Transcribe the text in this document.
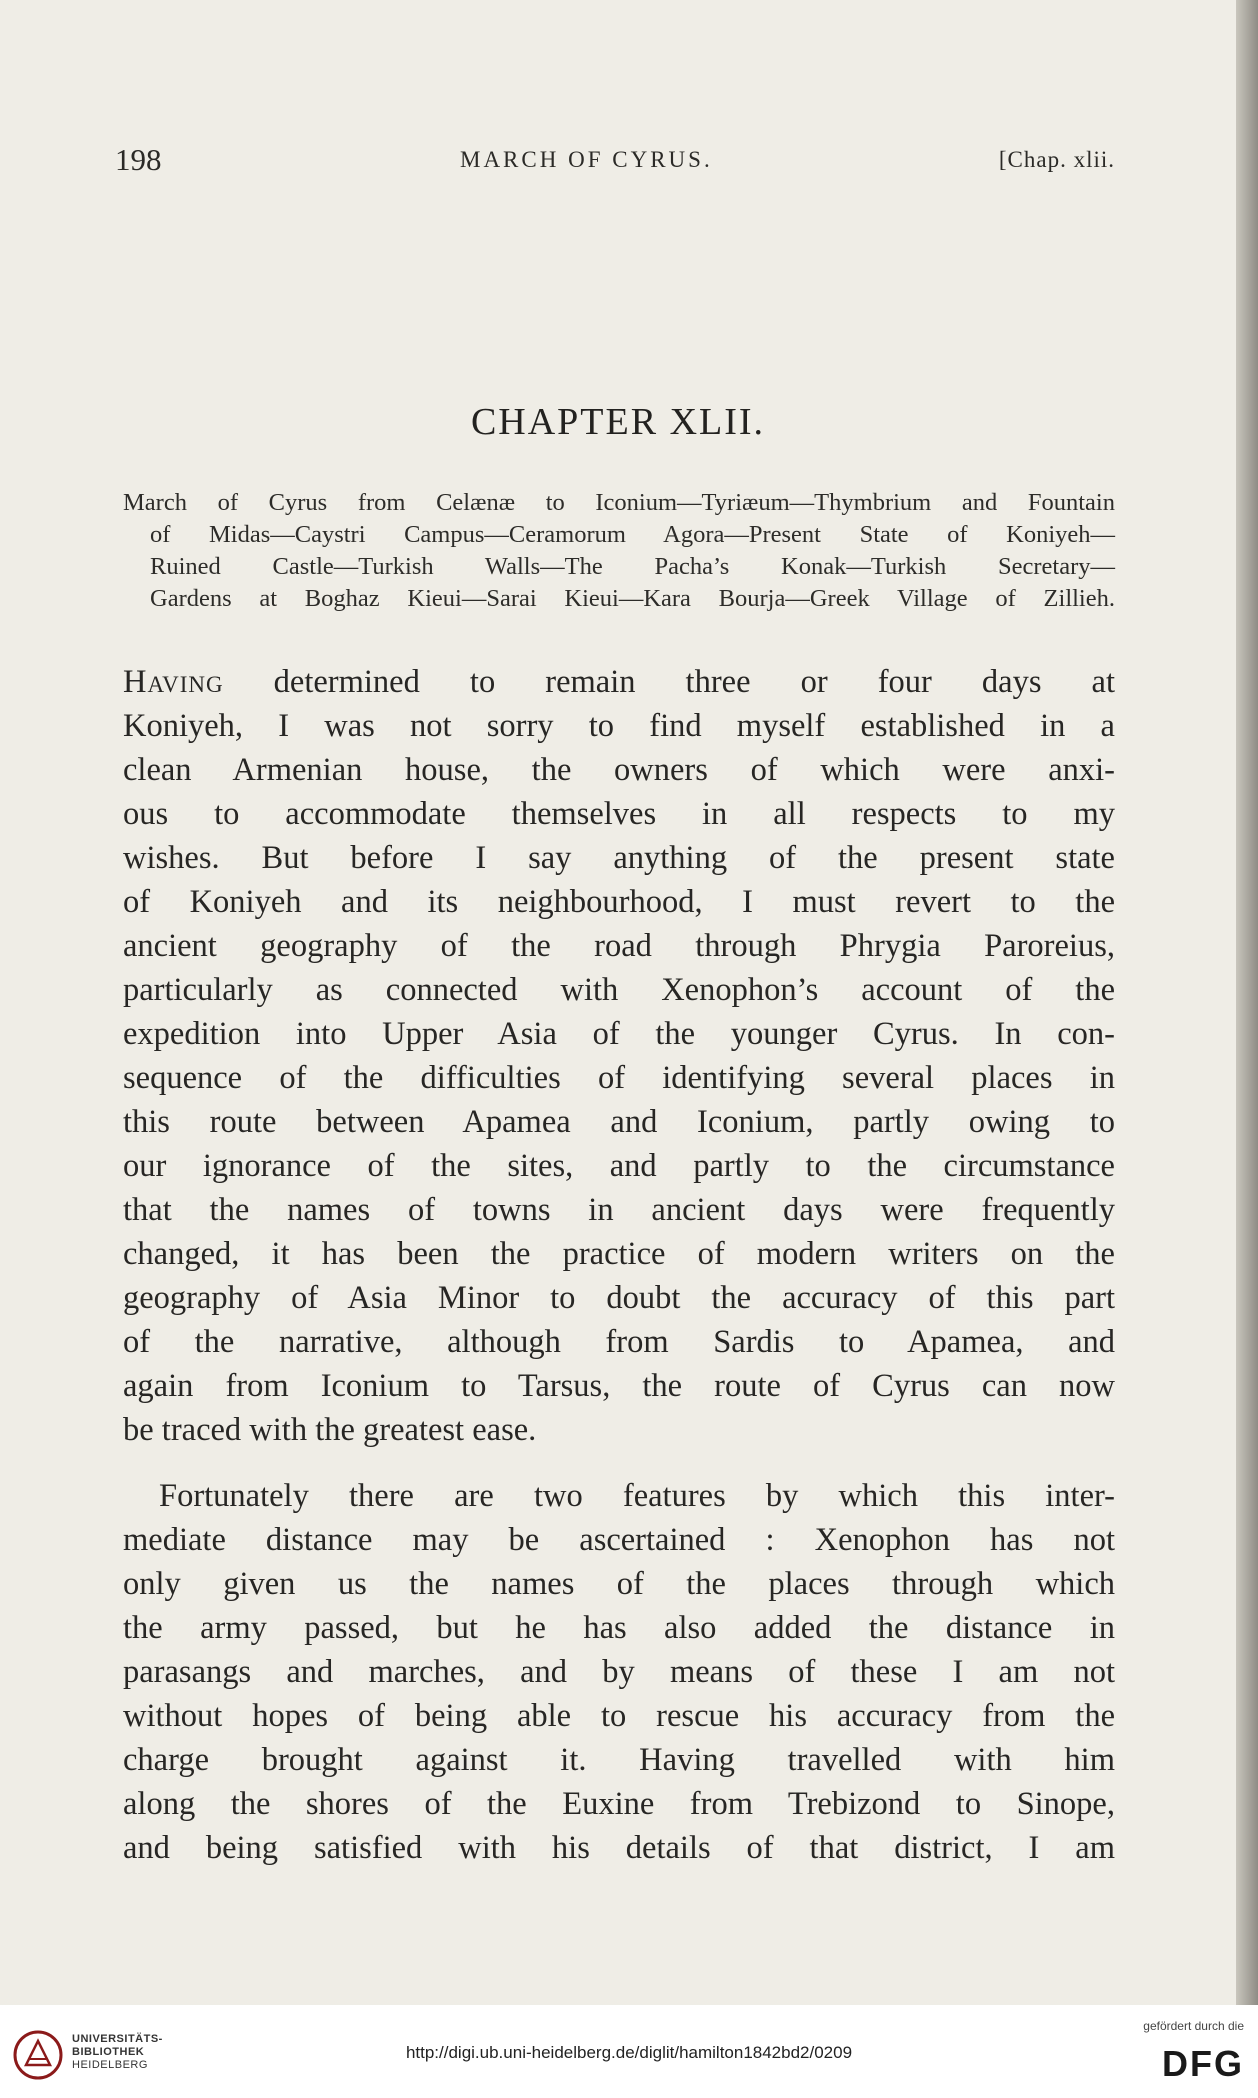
198	MARCH OF CYRUS.	[Chap. xlii.
CHAPTER XLII.
March of Cyrus from Celænæ to Iconium—Tyriæum—Thymbrium and Fountain
of Midas—Caystri Campus—Ceramorum Agora—Present State of Koniyeh—
Ruined Castle—Turkish Walls—The Pacha’s Konak—Turkish Secretary—
Gardens at Boghaz Kieui—Sarai Kieui—Kara Bourja—Greek Village of Zillieh.
Having determined to remain three or four days at
Koniyeh, I was not sorry to find myself established in a
clean Armenian house, the owners of which were anxi-
ous to accommodate themselves in all respects to my
wishes. But before I say anything of the present state
of Koniyeh and its neighbourhood, I must revert to the
ancient geography of the road through Phrygia Paroreius,
particularly as connected with Xenophon’s account of the
expedition into Upper Asia of the younger Cyrus. In con-
sequence of the difficulties of identifying several places in
this route between Apamea and Iconium, partly owing to
our ignorance of the sites, and partly to the circumstance
that the names of towns in ancient days were frequently
changed, it has been the practice of modern writers on the
geography of Asia Minor to doubt the accuracy of this part
of the narrative, although from Sardis to Apamea, and
again from Iconium to Tarsus, the route of Cyrus can now
be traced with the greatest ease.
Fortunately there are two features by which this inter-
mediate distance may be ascertained : Xenophon has not
only given us the names of the places through which
the army passed, but he has also added the distance in
parasangs and marches, and by means of these I am not
without hopes of being able to rescue his accuracy from the
charge brought against it. Having travelled with him
along the shores of the Euxine from Trebizond to Sinope,
and being satisfied with his details of that district, I am
UNIVERSITÄTS-
BIBLIOTHEK
HEIDELBERG
http://digi.ub.uni-heidelberg.de/diglit/hamilton1842bd2/0209
gefördert durch die
DFG
